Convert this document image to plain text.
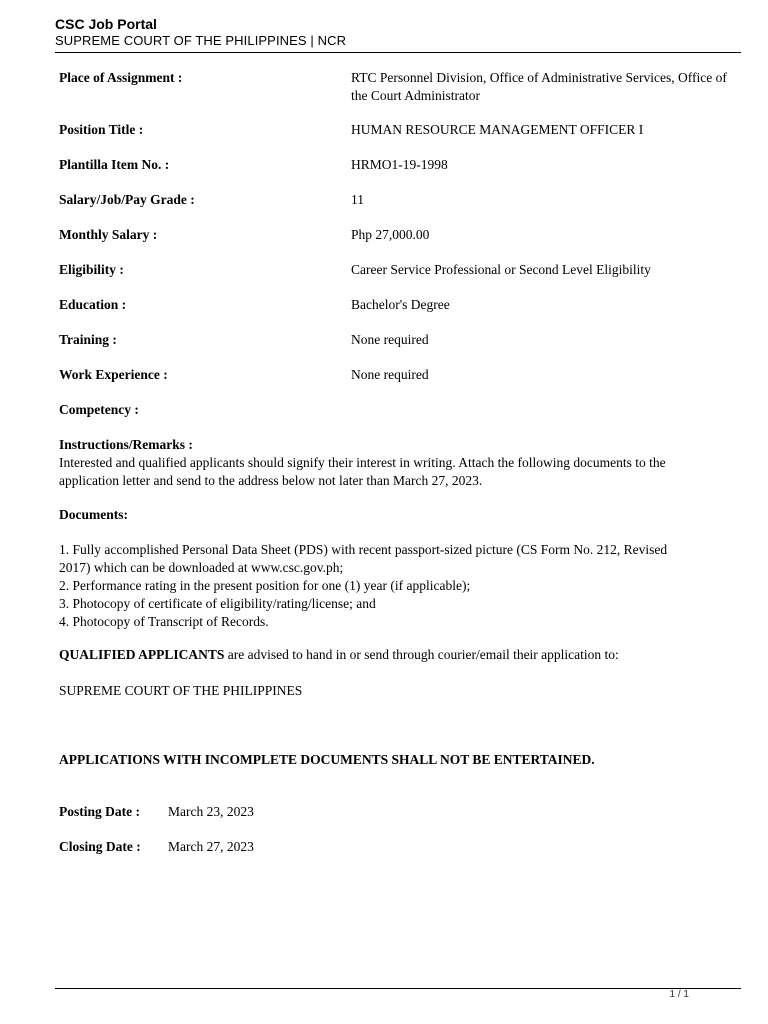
CSC Job Portal
SUPREME COURT OF THE PHILIPPINES | NCR
Place of Assignment :	RTC Personnel Division, Office of Administrative Services, Office of the Court Administrator
Position Title :	HUMAN RESOURCE MANAGEMENT OFFICER I
Plantilla Item No. :	HRMO1-19-1998
Salary/Job/Pay Grade :	11
Monthly Salary :	Php 27,000.00
Eligibility :	Career Service Professional or Second Level Eligibility
Education :	Bachelor's Degree
Training :	None required
Work Experience :	None required
Competency :
Instructions/Remarks :
Interested and qualified applicants should signify their interest in writing. Attach the following documents to the application letter and send to the address below not later than March 27, 2023.
Documents:
1. Fully accomplished Personal Data Sheet (PDS) with recent passport-sized picture (CS Form No. 212, Revised 2017) which can be downloaded at www.csc.gov.ph;
2. Performance rating in the present position for one (1) year (if applicable);
3. Photocopy of certificate of eligibility/rating/license; and
4. Photocopy of Transcript of Records.
QUALIFIED APPLICANTS are advised to hand in or send through courier/email their application to:
SUPREME COURT OF THE PHILIPPINES
APPLICATIONS WITH INCOMPLETE DOCUMENTS SHALL NOT BE ENTERTAINED.
Posting Date : March 23, 2023
Closing Date : March 27, 2023
1 / 1
